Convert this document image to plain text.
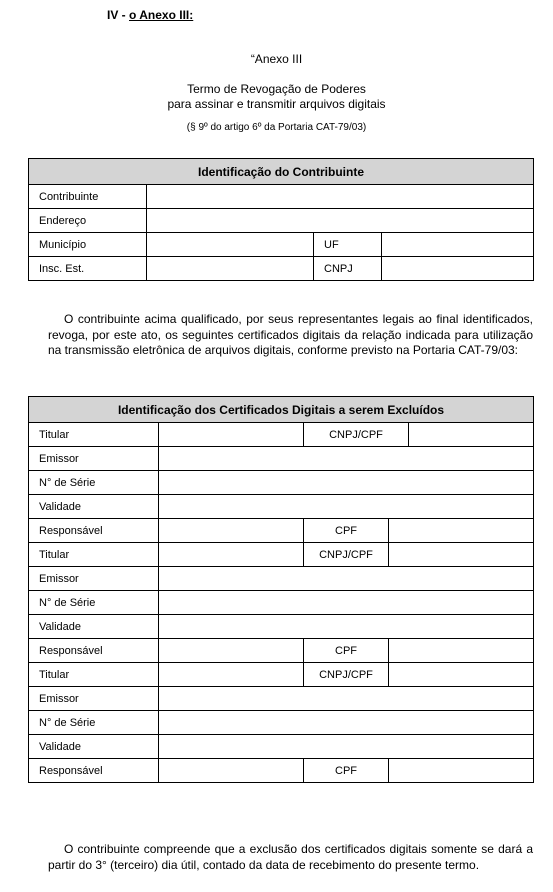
IV - o Anexo III:
“Anexo III
Termo de Revogação de Poderes
para assinar e transmitir arquivos digitais
(§ 9º do artigo 6º da Portaria CAT-79/03)
Identificação do Contribuinte			
Contribuinte			
Endereço			
Município		UF	
Insc. Est.		CNPJ	
O contribuinte acima qualificado, por seus representantes legais ao final identificados, revoga, por este ato, os seguintes certificados digitais da relação indicada para utilização na transmissão eletrônica de arquivos digitais, conforme previsto na Portaria CAT-79/03:
Identificação dos Certificados Digitais a serem Excluídos				
Titular		CNPJ/CPF		
Emissor				
N° de Série				
Validade				
Responsável		CPF		
Titular		CNPJ/CPF		
Emissor				
N° de Série				
Validade				
Responsável		CPF		
Titular		CNPJ/CPF		
Emissor				
N° de Série				
Validade				
Responsável		CPF		
O contribuinte compreende que a exclusão dos certificados digitais somente se dará a partir do 3° (terceiro) dia útil, contado da data de recebimento do presente termo.
